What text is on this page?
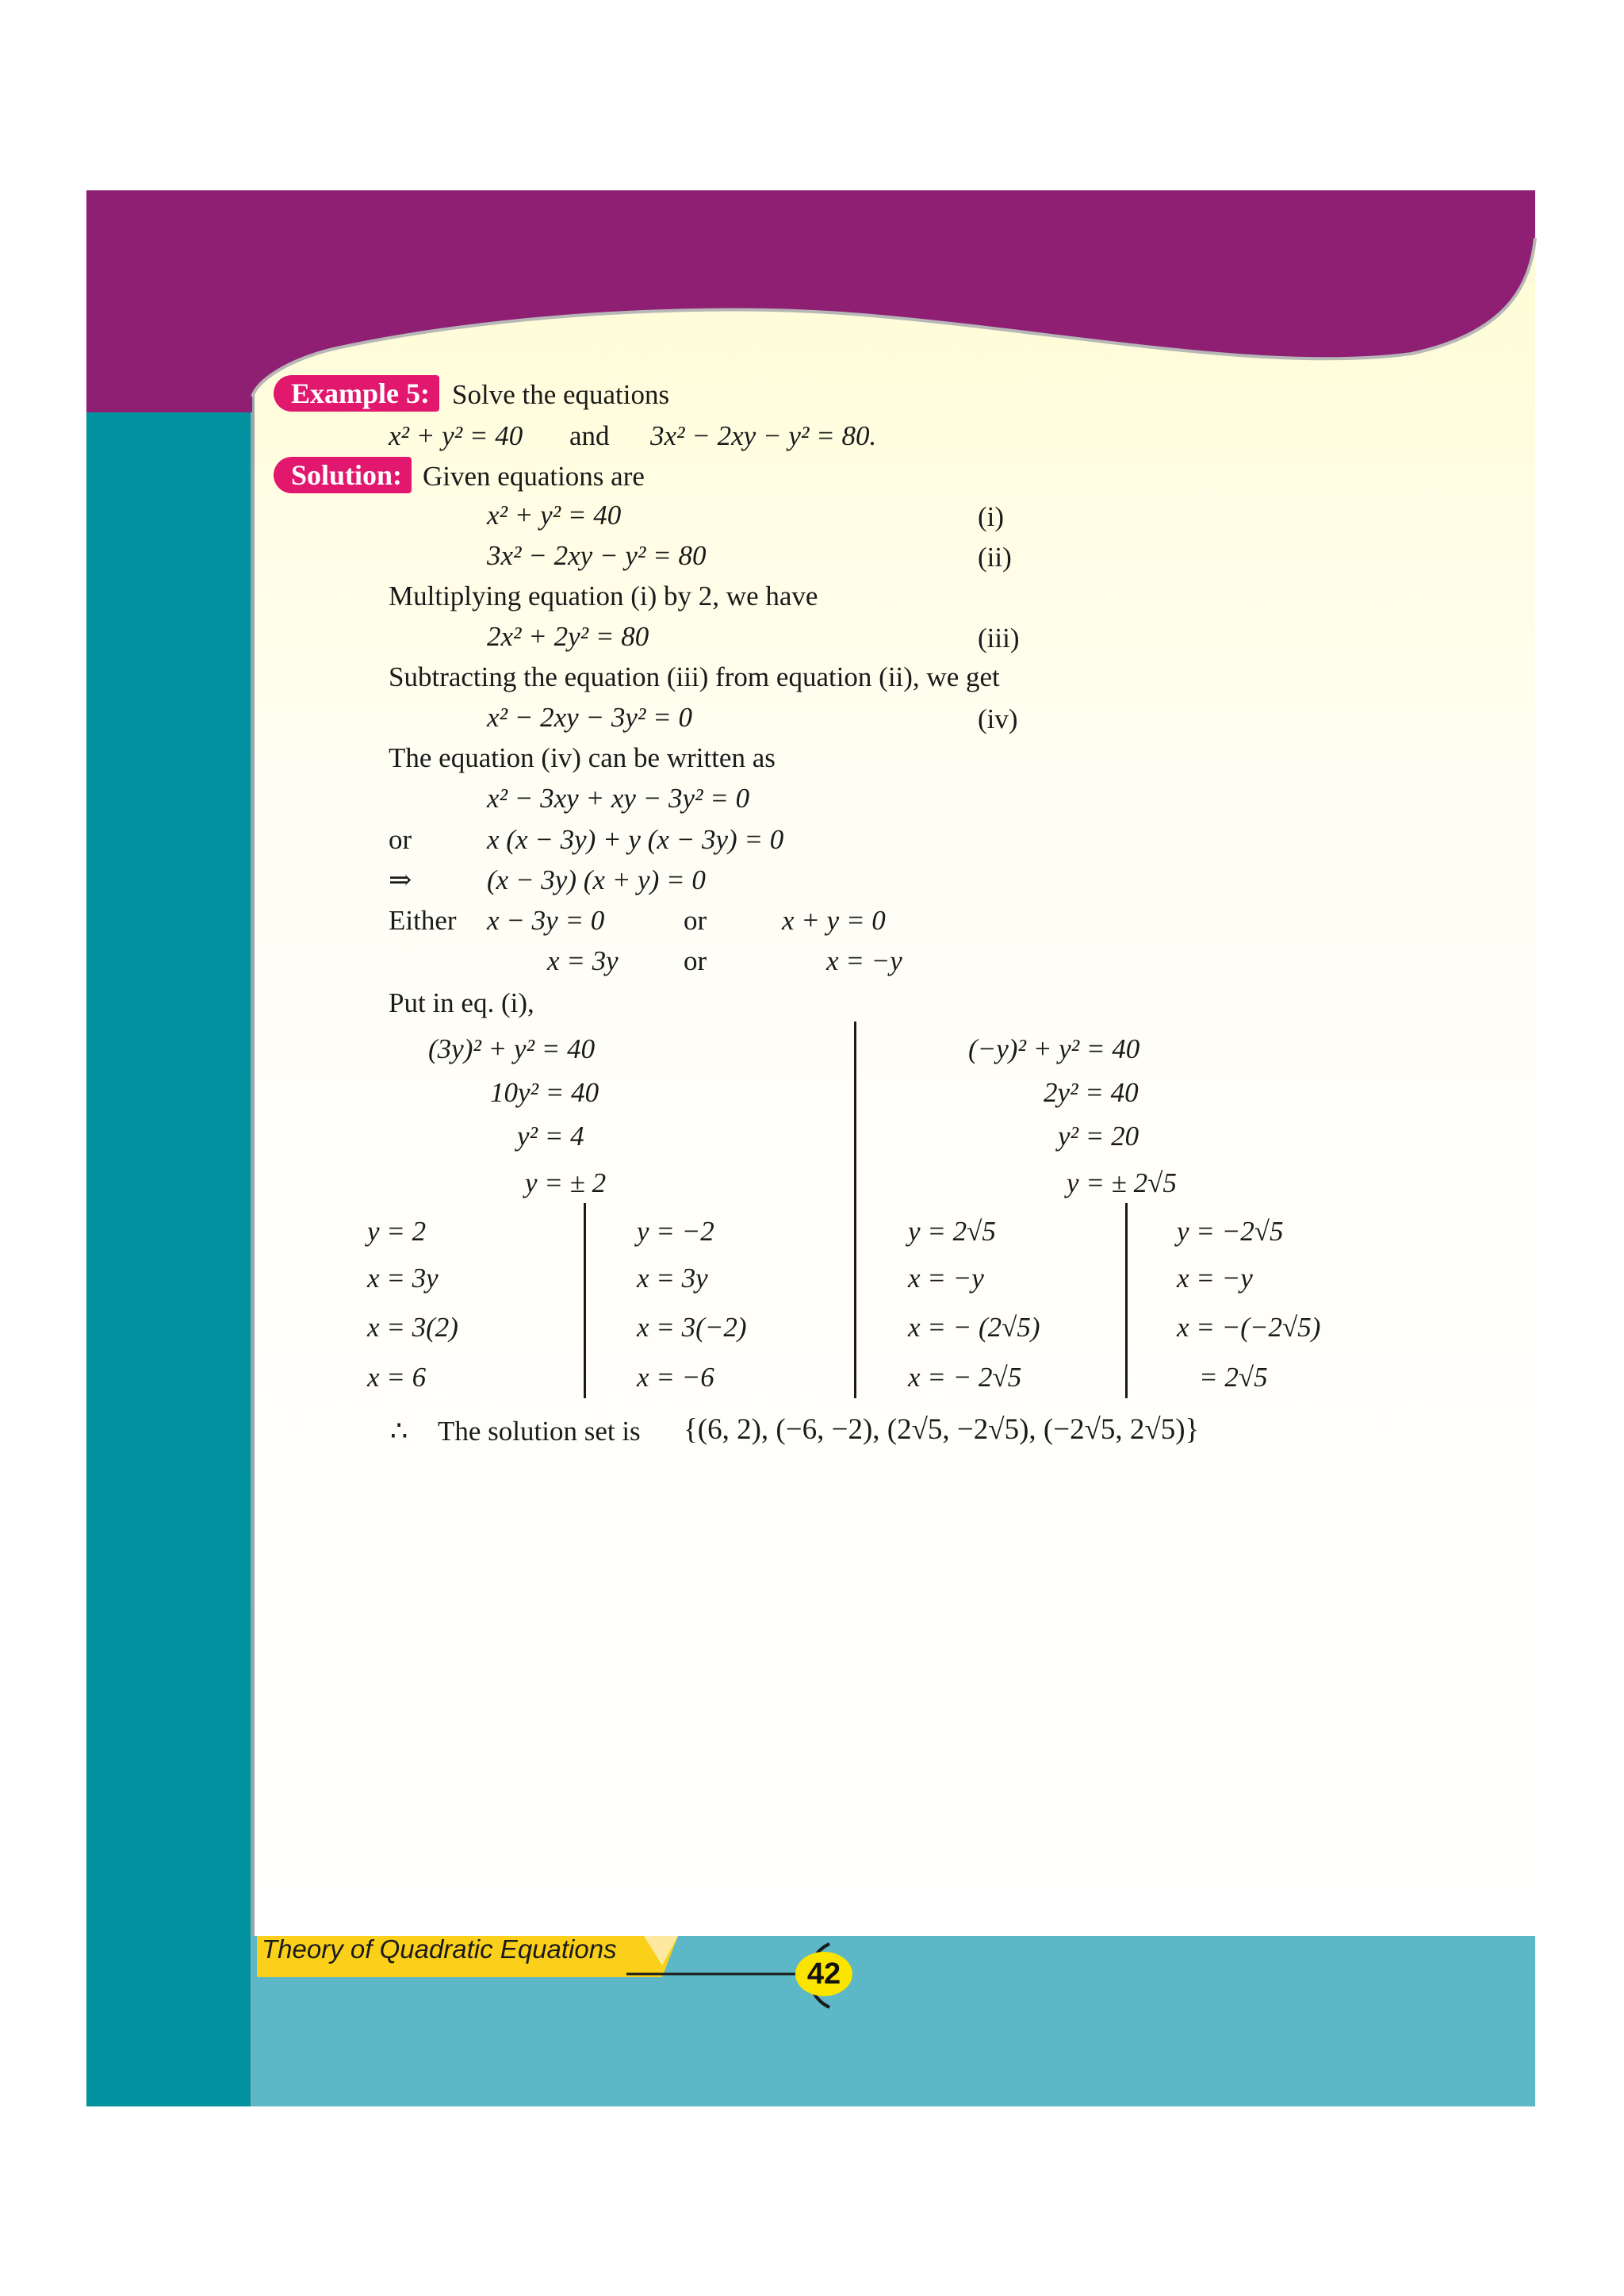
Example 5: Solve the equations
x² + y² = 40 and 3x² − 2xy − y² = 80.
Solution: Given equations are
x² + y² = 40	(i)
3x² − 2xy − y² = 80	(ii)
Multiplying equation (i) by 2, we have
2x² + 2y² = 80	(iii)
Subtracting the equation (iii) from equation (ii), we get
x² − 2xy − 3y² = 0	(iv)
The equation (iv) can be written as
x² − 3xy + xy − 3y² = 0
or	x (x − 3y) + y (x − 3y) = 0
⇒	(x − 3y) (x + y) = 0
Either x − 3y = 0	or	x + y = 0
x = 3y or	x = −y
Put in eq. (i),
(3y)² + y² = 40
10y² = 40
y² = 4
y = ± 2
y = 2
x = 3y
x = 3(2)
x = 6
y = −2
x = 3y
x = 3(−2)
x = −6
(−y)² + y² = 40
2y² = 40
y² = 20
y = ± 2√5
y = 2√5
x = −y
x = − (2√5)
x = − 2√5
y = −2√5
x = −y
x = −(−2√5)
= 2√5
∴ The solution set is {(6, 2), (−6, −2), (2√5, −2√5), (−2√5, 2√5)}
Theory of Quadratic Equations
42
